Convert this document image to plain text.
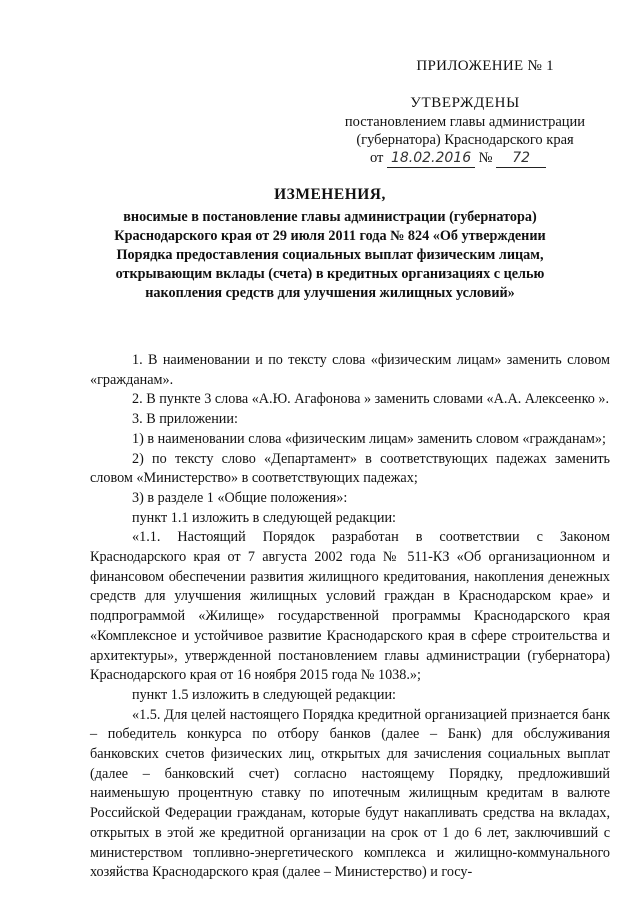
ПРИЛОЖЕНИЕ № 1
УТВЕРЖДЕНЫ
постановлением главы администрации
(губернатора) Краснодарского края
от 18.02.2016 № 72
ИЗМЕНЕНИЯ,
вносимые в постановление главы администрации (губернатора)
Краснодарского края от 29 июля 2011 года № 824 «Об утверждении
Порядка предоставления социальных выплат физическим лицам,
открывающим вклады (счета) в кредитных организациях с целью
накопления средств для улучшения жилищных условий»

1. В наименовании и по тексту слова «физическим лицам» заменить словом «гражданам».

2. В пункте 3 слова «А.Ю. Агафонова » заменить словами «А.А. Алексеенко ».

3. В приложении:

1) в наименовании слова «физическим лицам» заменить словом «гражданам»;

2) по тексту слово «Департамент» в соответствующих падежах заменить словом «Министерство» в соответствующих падежах;

3) в разделе 1 «Общие положения»:

пункт 1.1 изложить в следующей редакции:

«1.1. Настоящий Порядок разработан в соответствии с Законом Краснодарского края от 7 августа 2002 года № 511-КЗ «Об организационном и финансовом обеспечении развития жилищного кредитования, накопления денежных средств для улучшения жилищных условий граждан в Краснодарском крае» и подпрограммой «Жилище» государственной программы Краснодарского края «Комплексное и устойчивое развитие Краснодарского края в сфере строительства и архитектуры», утвержденной постановлением главы администрации (губернатора) Краснодарского края от 16 ноября 2015 года № 1038.»;

пункт 1.5 изложить в следующей редакции:

«1.5. Для целей настоящего Порядка кредитной организацией признается банк – победитель конкурса по отбору банков (далее – Банк) для обслуживания банковских счетов физических лиц, открытых для зачисления социальных выплат (далее – банковский счет) согласно настоящему Порядку, предложивший наименьшую процентную ставку по ипотечным жилищным кредитам в валюте Российской Федерации гражданам, которые будут накапливать средства на вкладах, открытых в этой же кредитной организации на срок от 1 до 6 лет, заключивший с министерством топливно-энергетического комплекса и жилищно-коммунального хозяйства Краснодарского края (далее – Министерство) и госу-
